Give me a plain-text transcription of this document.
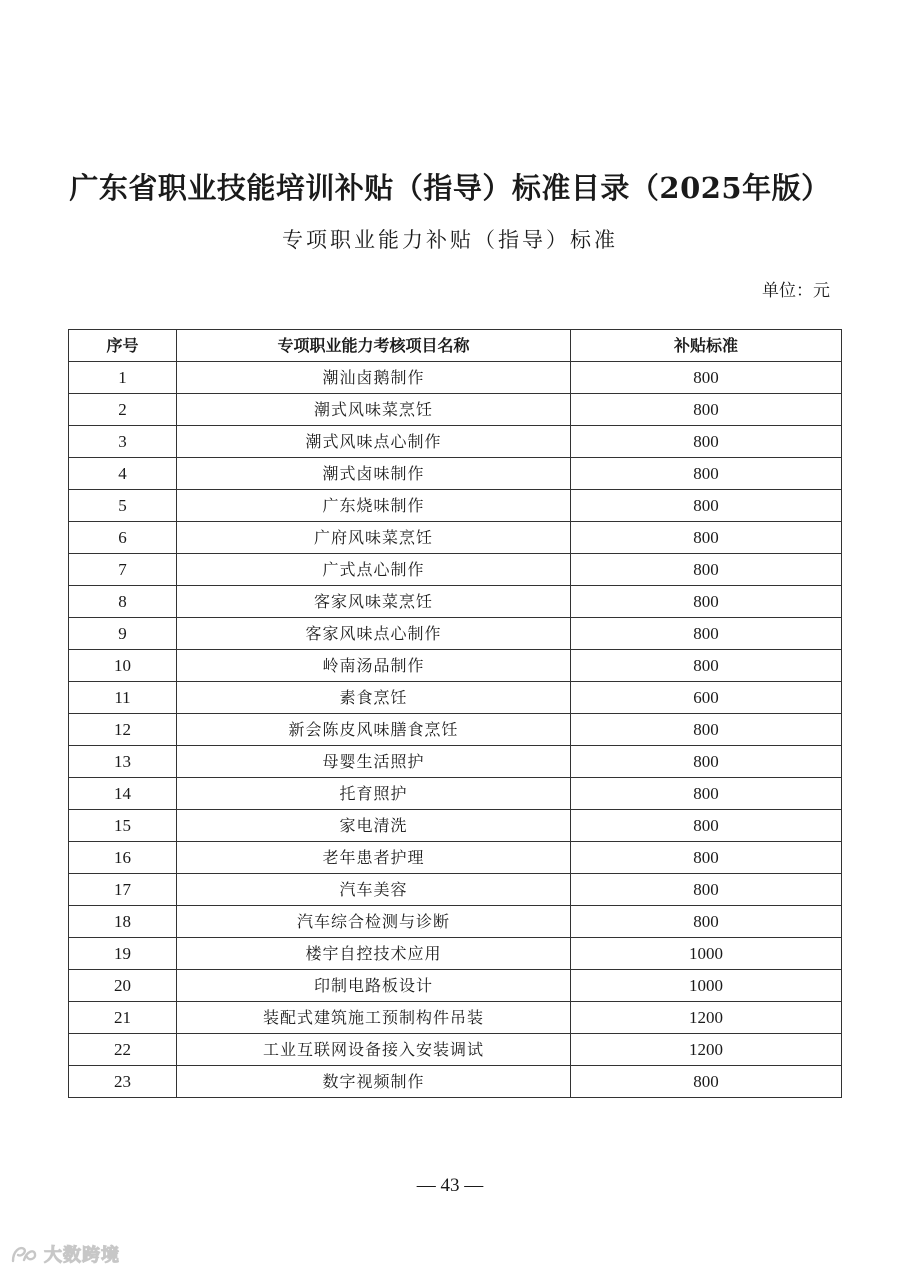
广东省职业技能培训补贴（指导）标准目录（2025年版）
专项职业能力补贴（指导）标准
单位：元
序号	专项职业能力考核项目名称	补贴标准
1	潮汕卤鹅制作	800
2	潮式风味菜烹饪	800
3	潮式风味点心制作	800
4	潮式卤味制作	800
5	广东烧味制作	800
6	广府风味菜烹饪	800
7	广式点心制作	800
8	客家风味菜烹饪	800
9	客家风味点心制作	800
10	岭南汤品制作	800
11	素食烹饪	600
12	新会陈皮风味膳食烹饪	800
13	母婴生活照护	800
14	托育照护	800
15	家电清洗	800
16	老年患者护理	800
17	汽车美容	800
18	汽车综合检测与诊断	800
19	楼宇自控技术应用	1000
20	印制电路板设计	1000
21	装配式建筑施工预制构件吊装	1200
22	工业互联网设备接入安装调试	1200
23	数字视频制作	800
— 43 —
大数跨境
